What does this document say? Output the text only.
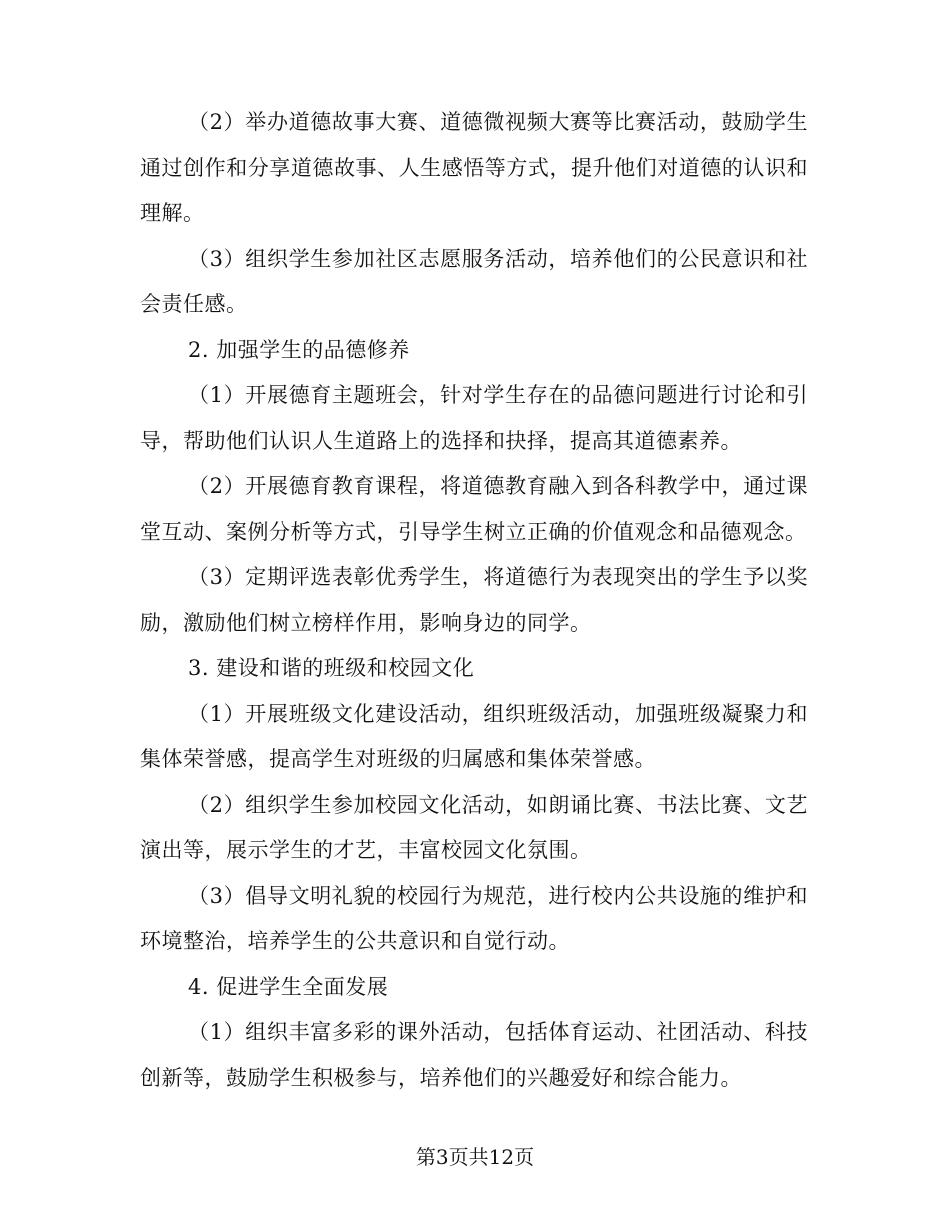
（2）举办道德故事大赛、道德微视频大赛等比赛活动，鼓励学生通过创作和分享道德故事、人生感悟等方式，提升他们对道德的认识和理解。

（3）组织学生参加社区志愿服务活动，培养他们的公民意识和社会责任感。

2. 加强学生的品德修养

（1）开展德育主题班会，针对学生存在的品德问题进行讨论和引导，帮助他们认识人生道路上的选择和抉择，提高其道德素养。

（2）开展德育教育课程，将道德教育融入到各科教学中，通过课堂互动、案例分析等方式，引导学生树立正确的价值观念和品德观念。

（3）定期评选表彰优秀学生，将道德行为表现突出的学生予以奖励，激励他们树立榜样作用，影响身边的同学。

3. 建设和谐的班级和校园文化

（1）开展班级文化建设活动，组织班级活动，加强班级凝聚力和集体荣誉感，提高学生对班级的归属感和集体荣誉感。

（2）组织学生参加校园文化活动，如朗诵比赛、书法比赛、文艺演出等，展示学生的才艺，丰富校园文化氛围。

（3）倡导文明礼貌的校园行为规范，进行校内公共设施的维护和环境整治，培养学生的公共意识和自觉行动。

4. 促进学生全面发展

（1）组织丰富多彩的课外活动，包括体育运动、社团活动、科技创新等，鼓励学生积极参与，培养他们的兴趣爱好和综合能力。

第3页共12页
